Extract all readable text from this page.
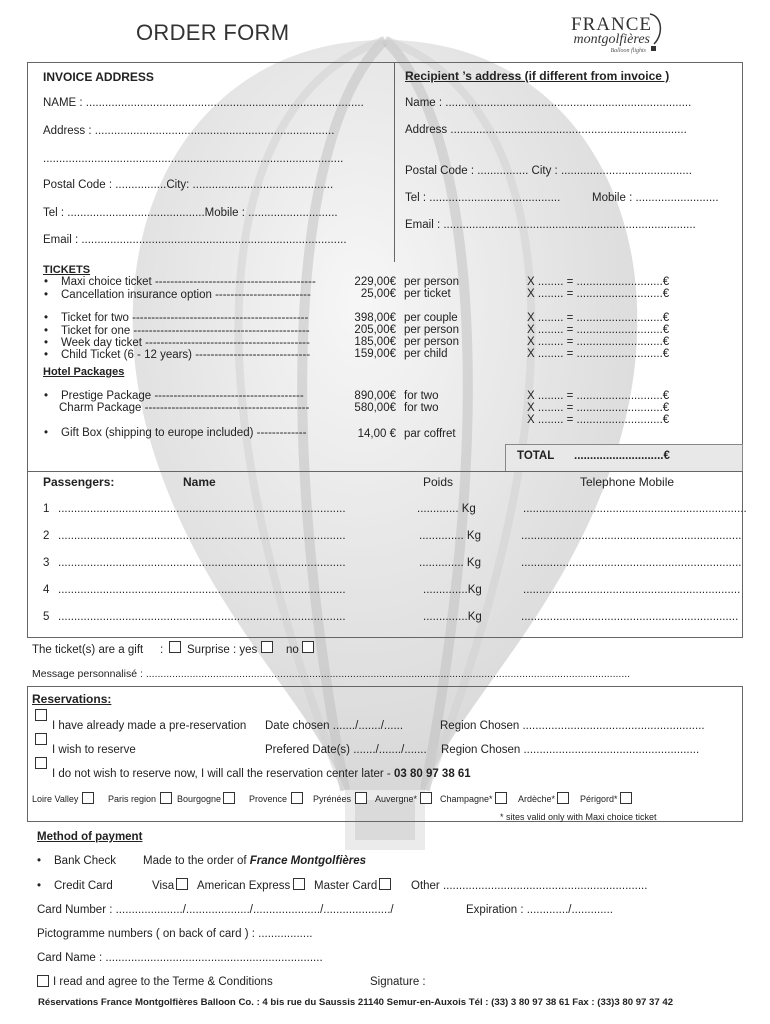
ORDER FORM	FRANCE
montgolfières
Balloon flights
INVOICE ADDRESS
NAME : .......................................................................................
Address : ...........................................................................
..............................................................................................
Postal Code : ................City: ............................................
Tel : ...........................................Mobile : ............................
Email : ...................................................................................
Recipient ’s address (if different from invoice )
Name : .............................................................................
Address ..........................................................................
Postal Code : ................ City : .........................................
Tel : .........................................	Mobile : ..........................
Email : ...............................................................................
TICKETS
• Maxi choice ticket ------------------------------------------	229,00€ per person	X ........ = ...........................€
• Cancellation insurance option -------------------------	25,00€ per ticket	X ........ = ...........................€
• Ticket for two ----------------------------------------------	398,00€ per couple	X ........ = ...........................€
• Ticket for one ----------------------------------------------	205,00€ per person	X ........ = ...........................€
• Week day ticket -------------------------------------------	185,00€ per person	X ........ = ...........................€
• Child Ticket (6 - 12 years) ------------------------------	159,00€ per child	X ........ = ...........................€
Hotel Packages
• Prestige Package ---------------------------------------	890,00€ for two	X ........ = ...........................€
Charm Package -------------------------------------------	580,00€ for two	X ........ = ...........................€
X ........ = ...........................€
• Gift Box (shipping to europe included) -------------	14,00 € par coffret
TOTAL ............................€
Passengers:	Name	Poids	Telephone Mobile
1 ..........................................................................................	............. Kg	......................................................................
2 ..........................................................................................	.............. Kg	.....................................................................
3 ..........................................................................................	.............. Kg	.....................................................................
4 ..........................................................................................	..............Kg	....................................................................
5 ..........................................................................................	..............Kg	....................................................................
The ticket(s) are a gift : Surprise : yes no
Message personnalisé : ......................................................................................................................................................................
Reservations:
I have already made a pre-reservation Date chosen ......./......./......	Region Chosen .........................................................
I wish to reserve	Prefered Date(s) ......./......./....... Region Chosen .......................................................
I do not wish to reserve now, I will call the reservation center later - 03 80 97 38 61
Loire Valley	Paris region Bourgogne	Provence	Pyrénées	Auvergne*	Champagne*	Ardèche*	Périgord*
* sites valid only with Maxi choice ticket
Method of payment
• Bank Check Made to the order of France Montgolfières
• Credit Card	Visa American Express Master Card	Other ................................................................
Card Number : ...................../..................../...................../...................../	Expiration : ............./.............
Pictogramme numbers ( on back of card ) : .................
Card Name : ....................................................................
I read and agree to the Terme & Conditions	Signature :
Réservations France Montgolfières Balloon Co. : 4 bis rue du Saussis 21140 Semur-en-Auxois Tél : (33) 3 80 97 38 61 Fax : (33)3 80 97 37 42
